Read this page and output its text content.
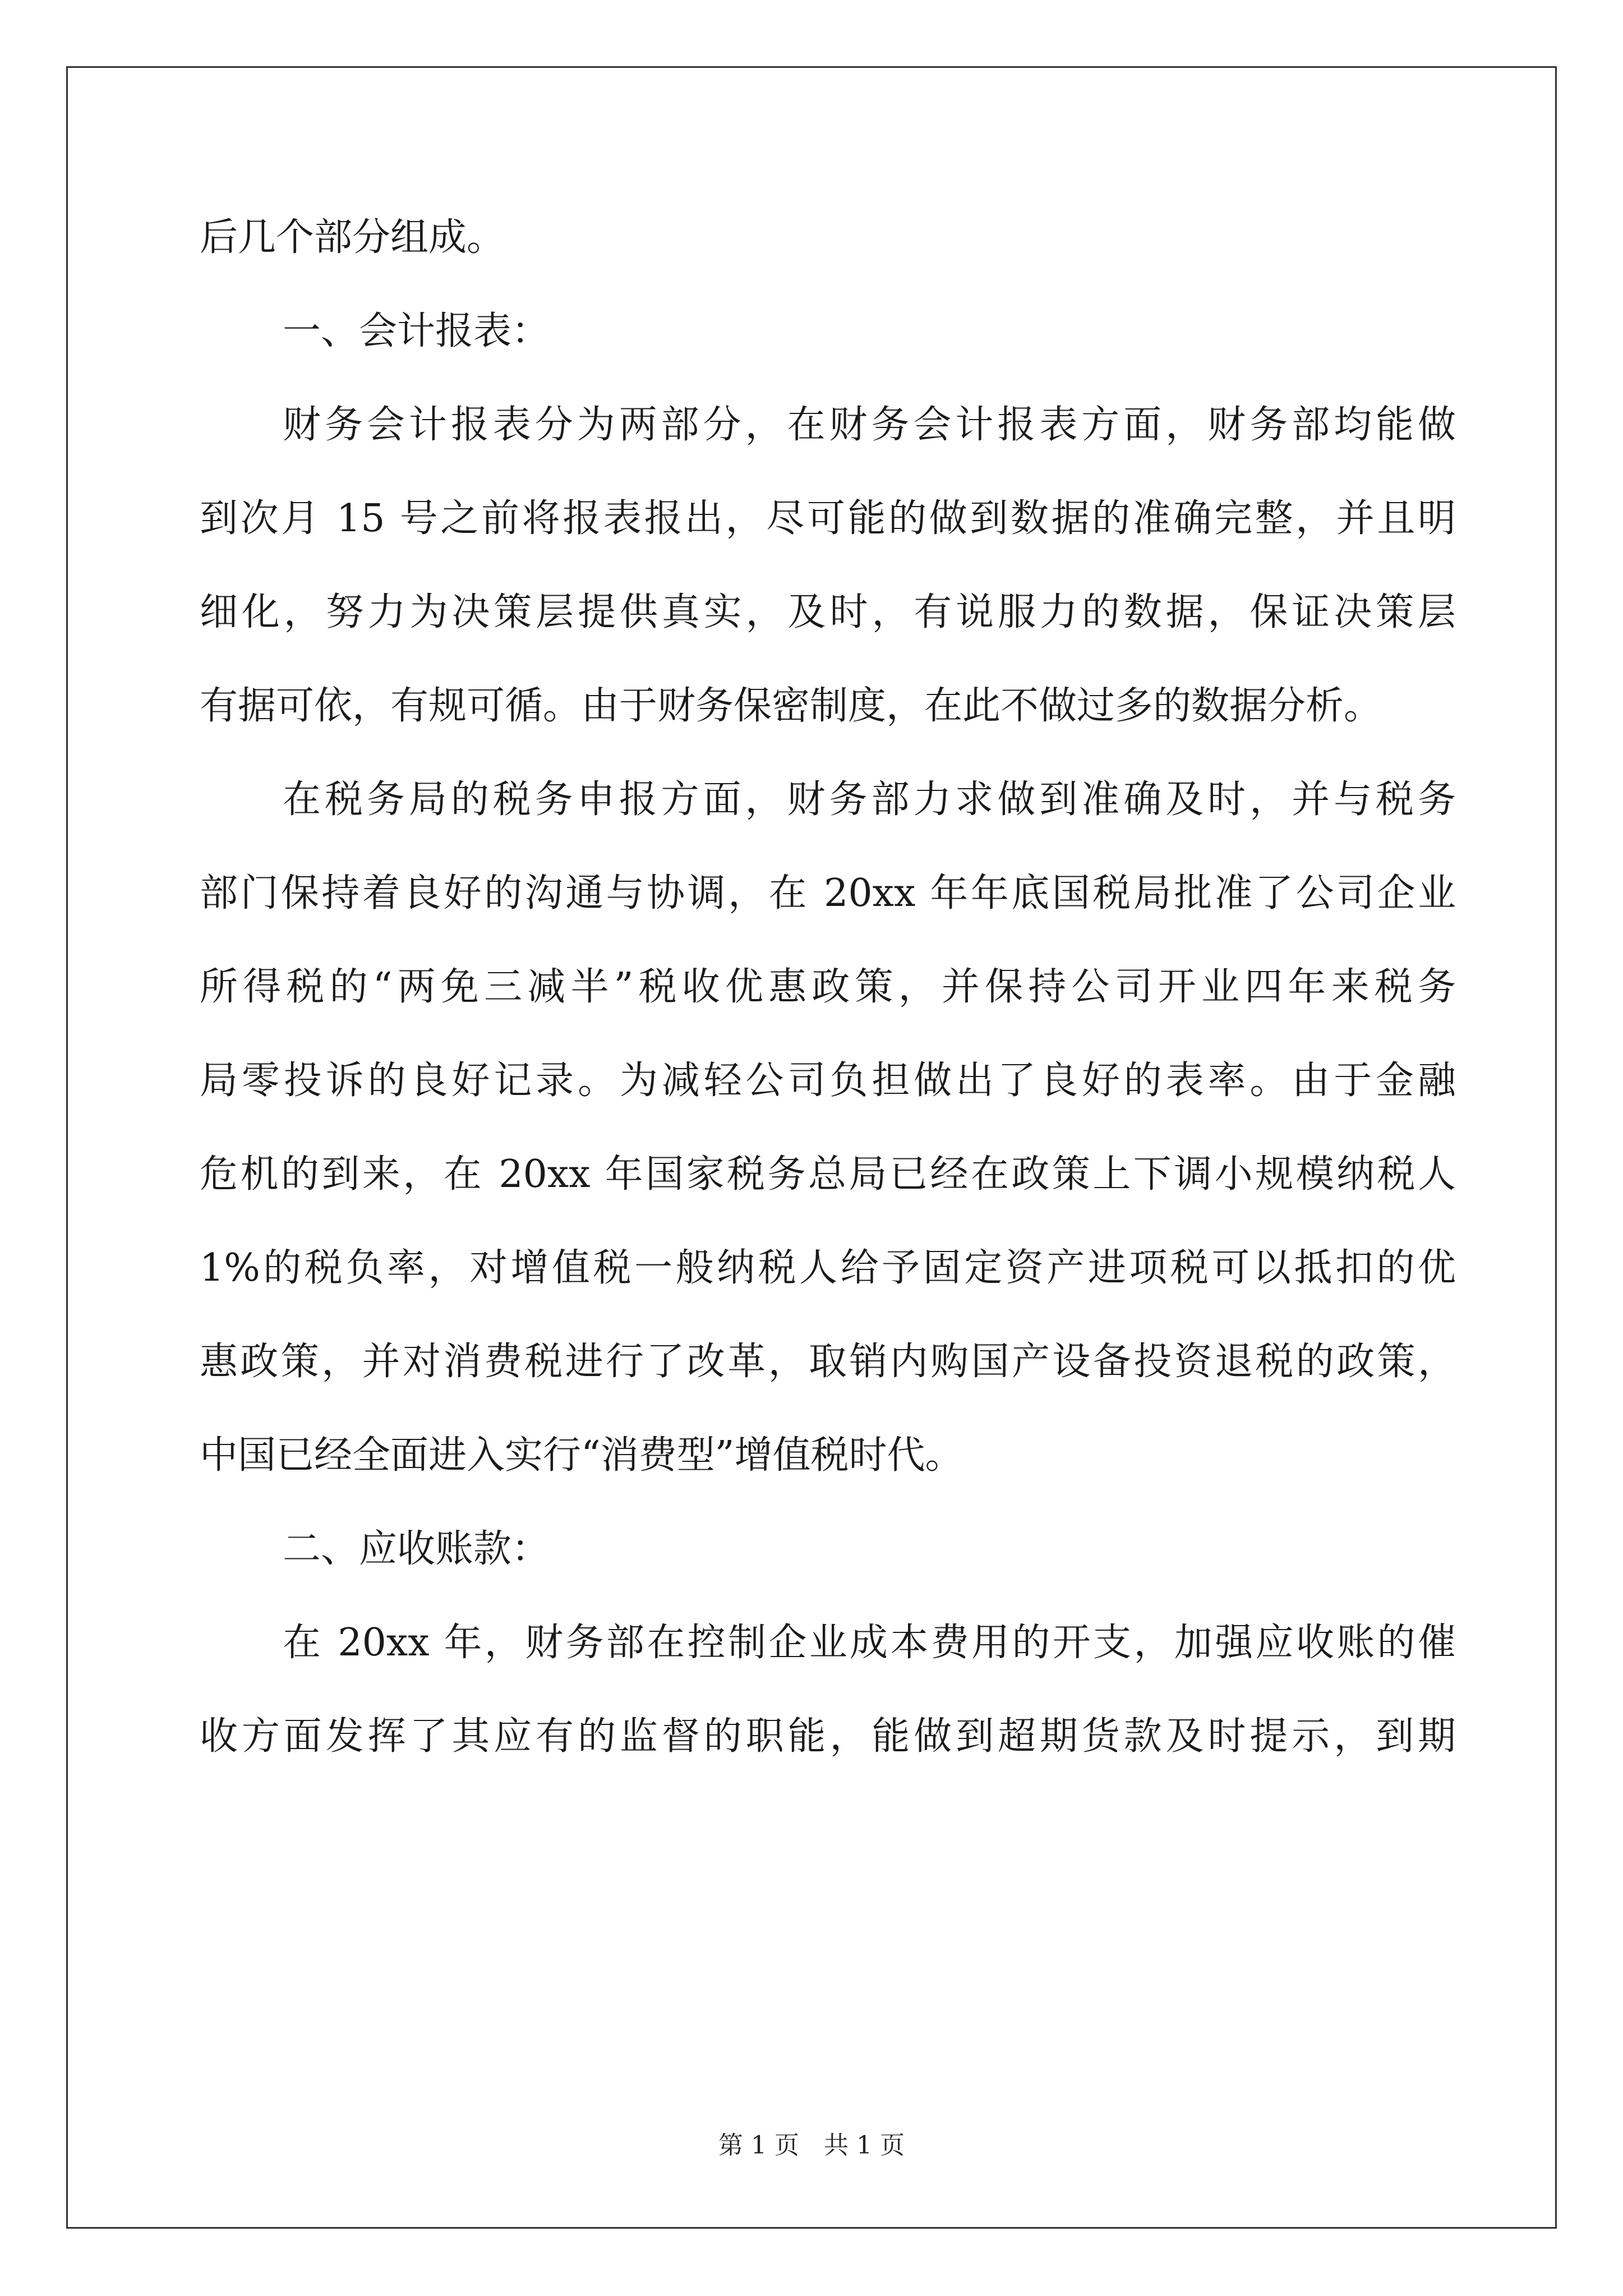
后几个部分组成。
一、会计报表：
财务会计报表分为两部分，在财务会计报表方面，财务部均能做
到次月 15 号之前将报表报出，尽可能的做到数据的准确完整，并且明
细化，努力为决策层提供真实，及时，有说服力的数据，保证决策层
有据可依，有规可循。由于财务保密制度，在此不做过多的数据分析。
在税务局的税务申报方面，财务部力求做到准确及时，并与税务
部门保持着良好的沟通与协调，在 20xx 年年底国税局批准了公司企业
所得税的“两免三减半”税收优惠政策，并保持公司开业四年来税务
局零投诉的良好记录。为减轻公司负担做出了良好的表率。由于金融
危机的到来，在 20xx 年国家税务总局已经在政策上下调小规模纳税人
1%的税负率，对增值税一般纳税人给予固定资产进项税可以抵扣的优
惠政策，并对消费税进行了改革，取销内购国产设备投资退税的政策，
中国已经全面进入实行“消费型”增值税时代。
二、应收账款：
在 20xx 年，财务部在控制企业成本费用的开支，加强应收账的催
收方面发挥了其应有的监督的职能，能做到超期货款及时提示，到期
第 1 页　共 1 页
